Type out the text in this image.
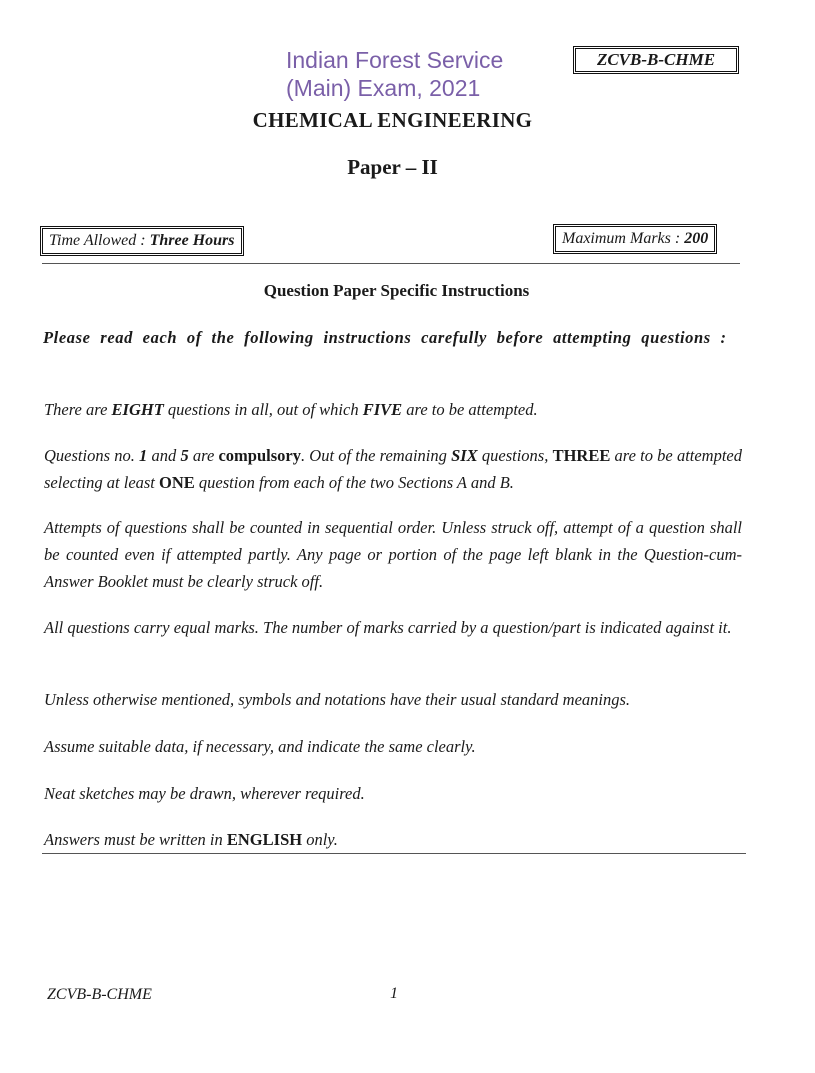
Indian Forest Service
(Main) Exam, 2021
ZCVB-B-CHME
CHEMICAL ENGINEERING
Paper – II
Time Allowed : Three Hours	Maximum Marks : 200
Question Paper Specific Instructions
Please read each of the following instructions carefully before attempting questions :
There are EIGHT questions in all, out of which FIVE are to be attempted.
Questions no. 1 and 5 are compulsory. Out of the remaining SIX questions, THREE are to be attempted selecting at least ONE question from each of the two Sections A and B.
Attempts of questions shall be counted in sequential order. Unless struck off, attempt of a question shall be counted even if attempted partly. Any page or portion of the page left blank in the Question-cum-Answer Booklet must be clearly struck off.
All questions carry equal marks. The number of marks carried by a question/part is indicated against it.
Unless otherwise mentioned, symbols and notations have their usual standard meanings.
Assume suitable data, if necessary, and indicate the same clearly.
Neat sketches may be drawn, wherever required.
Answers must be written in ENGLISH only.
ZCVB-B-CHME	1
